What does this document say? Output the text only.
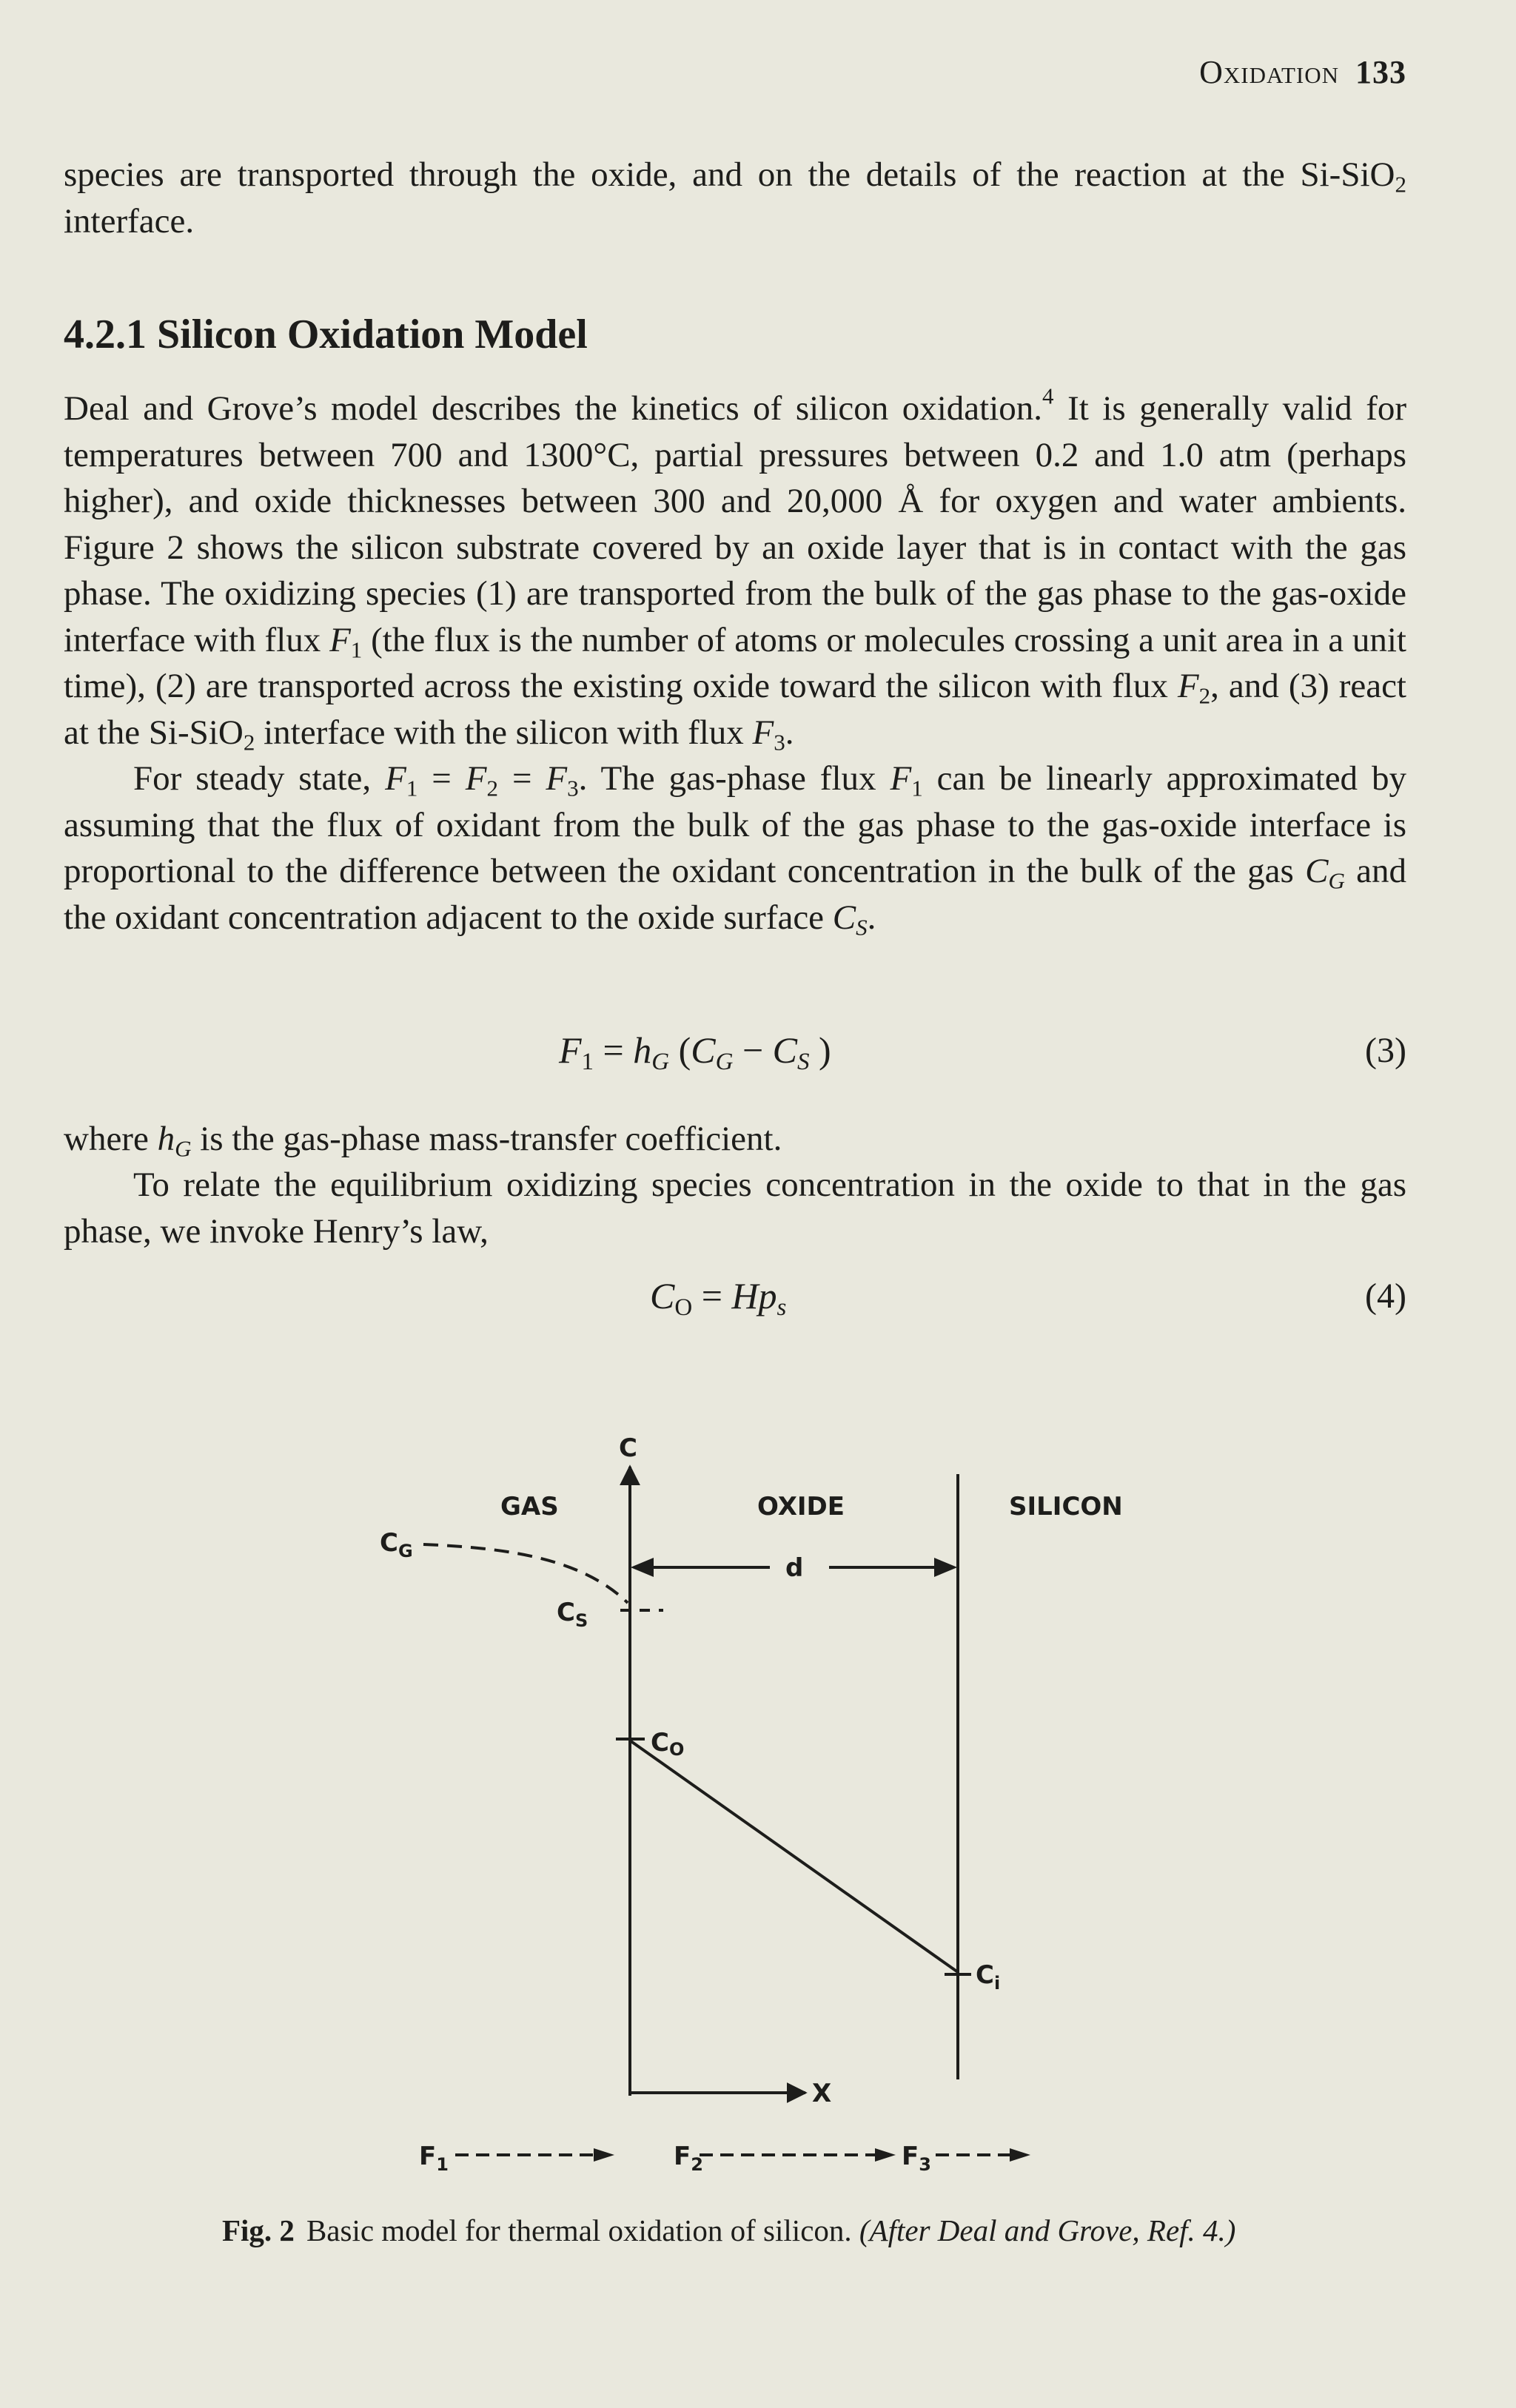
Oxidation 133
species are transported through the oxide, and on the details of the reaction at the Si-SiO$_2$ interface.
4.2.1 Silicon Oxidation Model
Deal and Grove’s model describes the kinetics of silicon oxidation.$^4$ It is generally valid for temperatures between 700 and 1300°C, partial pressures between 0.2 and 1.0 atm (perhaps higher), and oxide thicknesses between 300 and 20,000 Å for oxygen and water ambients. Figure 2 shows the silicon substrate covered by an oxide layer that is in contact with the gas phase. The oxidizing species (1) are transported from the bulk of the gas phase to the gas-oxide interface with flux $F_1$ (the flux is the number of atoms or molecules crossing a unit area in a unit time), (2) are transported across the existing oxide toward the silicon with flux $F_2$, and (3) react at the Si-SiO$_2$ interface with the silicon with flux $F_3$.
For steady state, $F_1 = F_2 = F_3$. The gas-phase flux $F_1$ can be linearly approximated by assuming that the flux of oxidant from the bulk of the gas phase to the gas-oxide interface is proportional to the difference between the oxidant concentration in the bulk of the gas $C_G$ and the oxidant concentration adjacent to the oxide surface $C_S$.
$F_1 = h_G$ ($C_G - C_S$ )	(3)
where $h_G$ is the gas-phase mass-transfer coefficient.
To relate the equilibrium oxidizing species concentration in the oxide to that in the gas phase, we invoke Henry’s law,
$C_O = Hp_s$	(4)
C
X
GAS	OXIDE	SILICON
d
$C_G$
$C_S$
CO
$C_i$
$F_1$	$F_2$	$F_3$
Fig. 2 Basic model for thermal oxidation of silicon. (After Deal and Grove, Ref. 4.)
